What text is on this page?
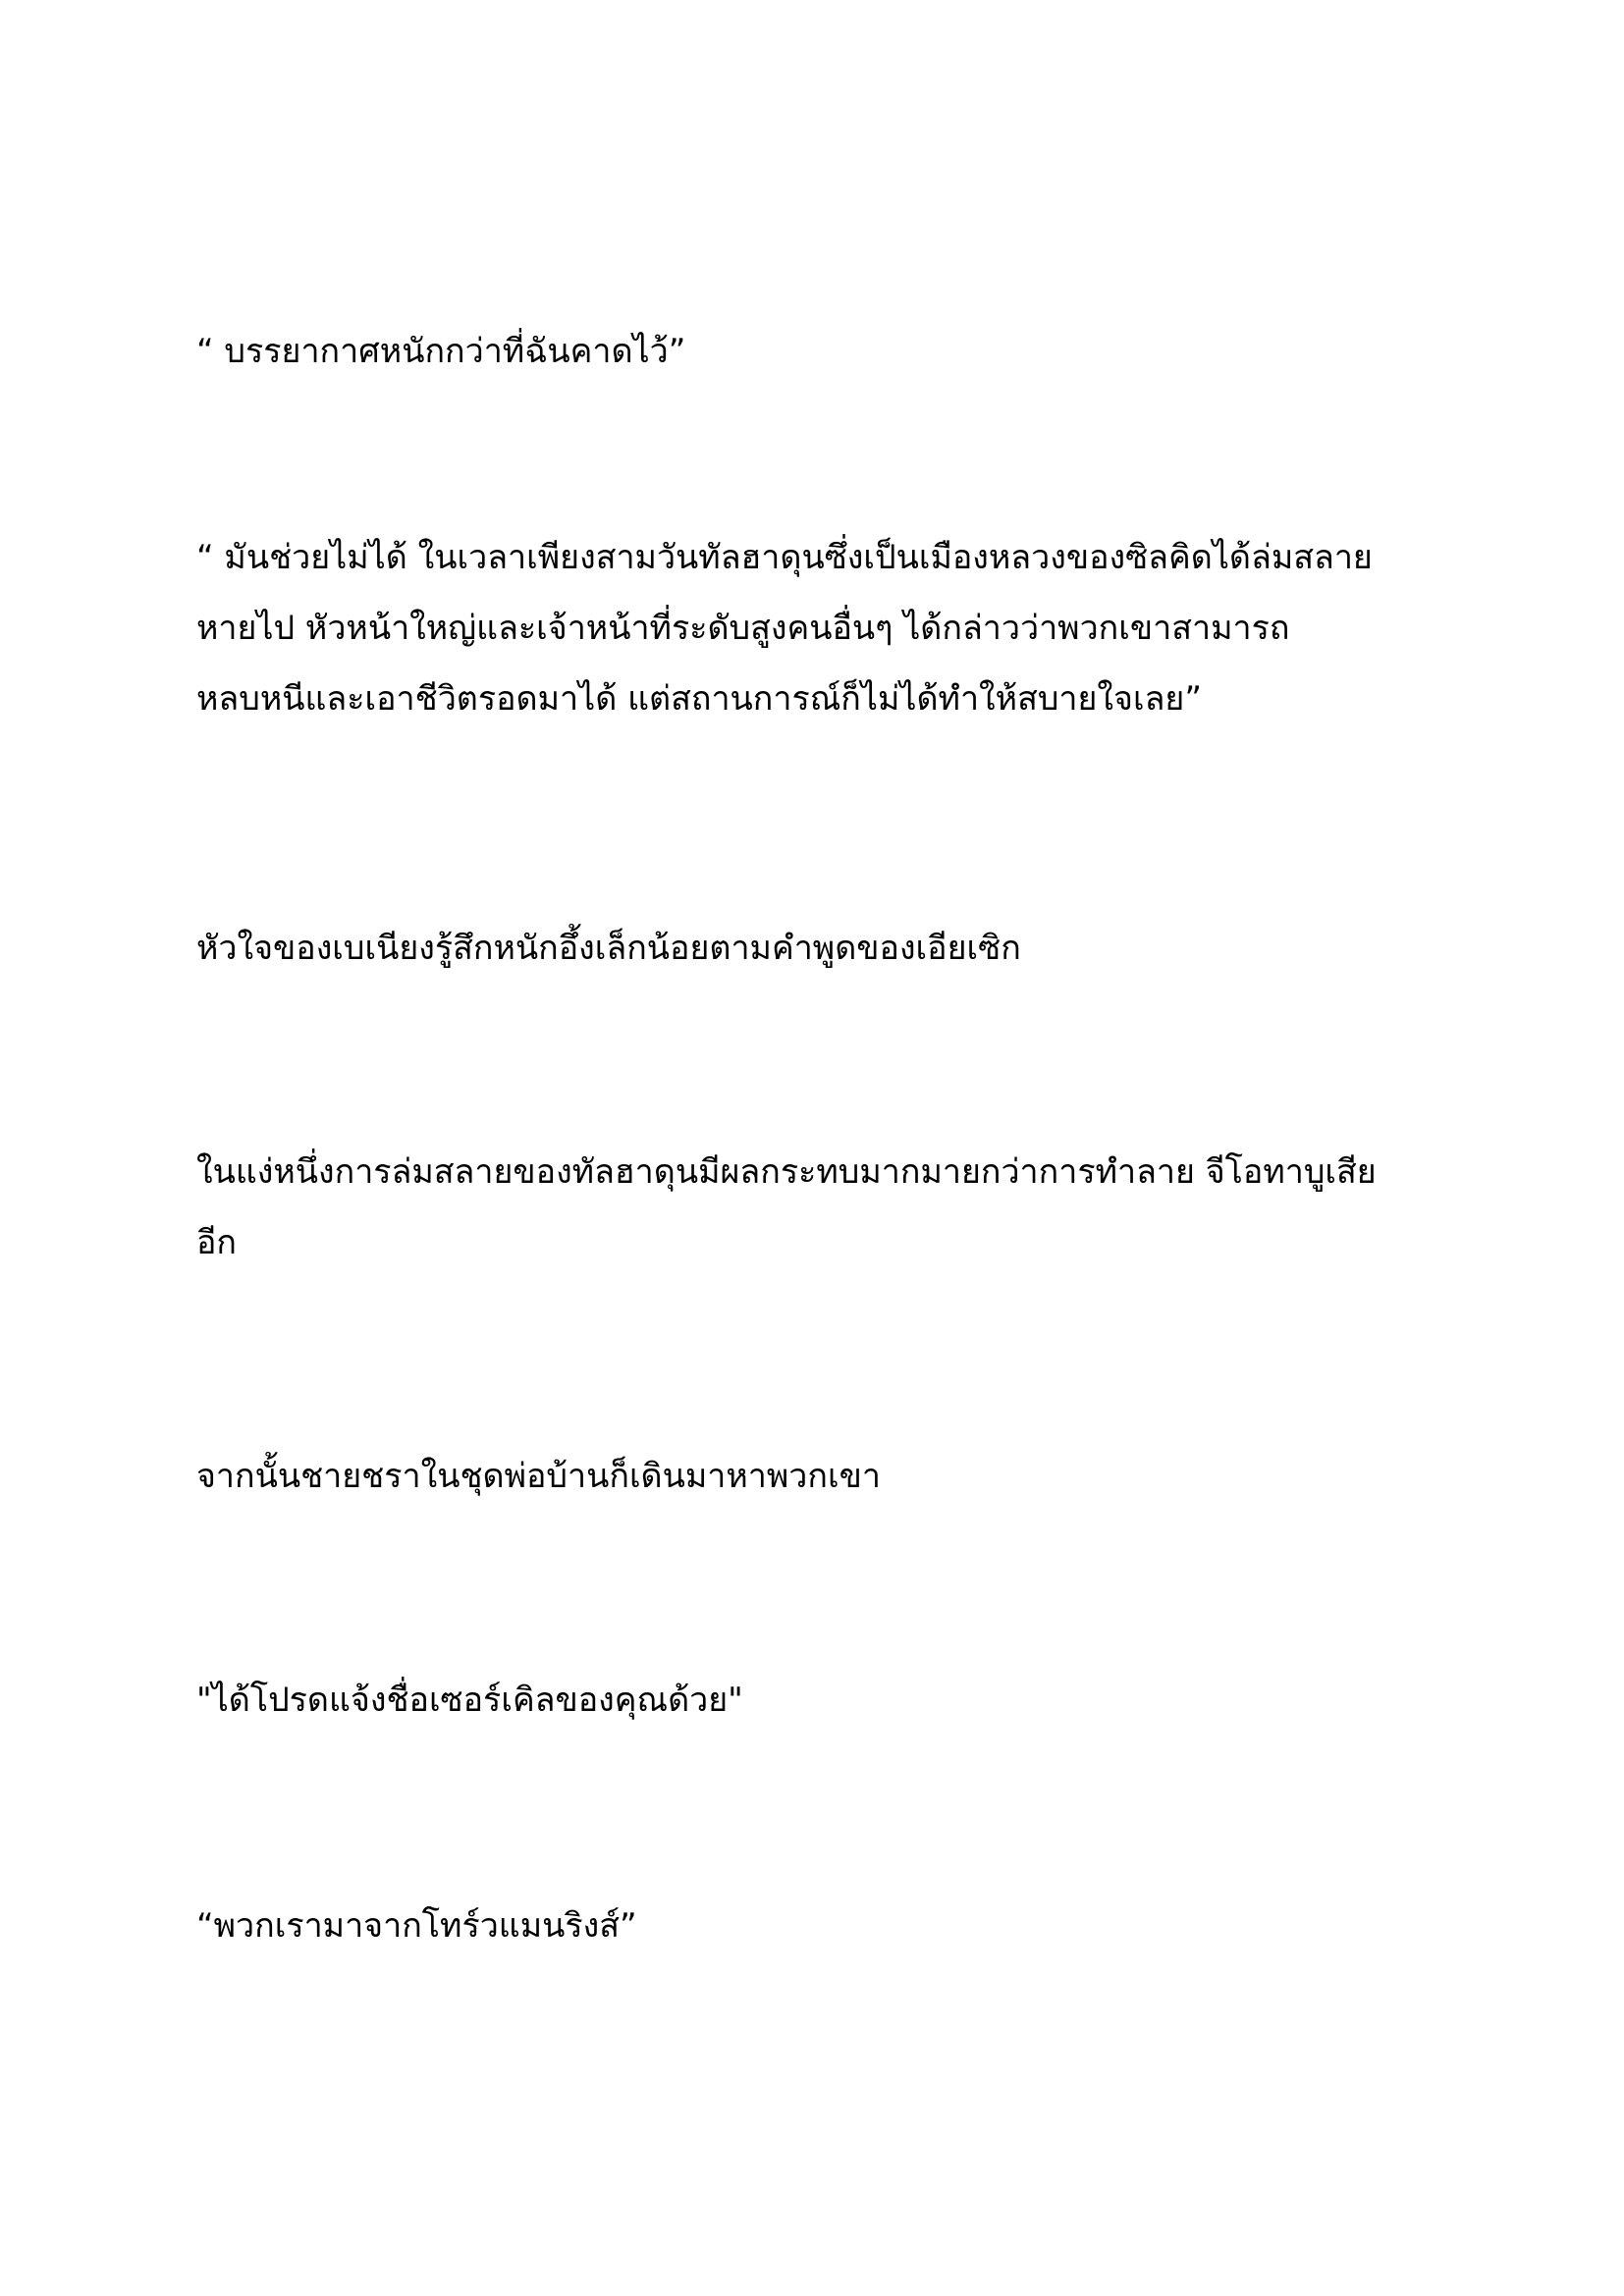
“ บรรยากาศหนักกว่าที่ฉันคาดไว้”

“ มันช่วยไม่ได้ ในเวลาเพียงสามวันทัลฮาดุนซึ่งเป็นเมืองหลวงของซิลคิดได้ล่มสลาย
หายไป หัวหน้าใหญ่และเจ้าหน้าที่ระดับสูงคนอื่นๆ ได้กล่าวว่าพวกเขาสามารถ
หลบหนีและเอาชีวิตรอดมาได้ แต่สถานการณ์ก็ไม่ได้ทำให้สบายใจเลย”

หัวใจของเบเนียงรู้สึกหนักอึ้งเล็กน้อยตามคำพูดของเอียเซิก

ในแง่หนึ่งการล่มสลายของทัลฮาดุนมีผลกระทบมากมายกว่าการทำลาย จีโอทาบูเสีย
อีก

จากนั้นชายชราในชุดพ่อบ้านก็เดินมาหาพวกเขา

"ได้โปรดแจ้งชื่อเซอร์เคิลของคุณด้วย"

“พวกเรามาจากโทร์วแมนริงส์”
